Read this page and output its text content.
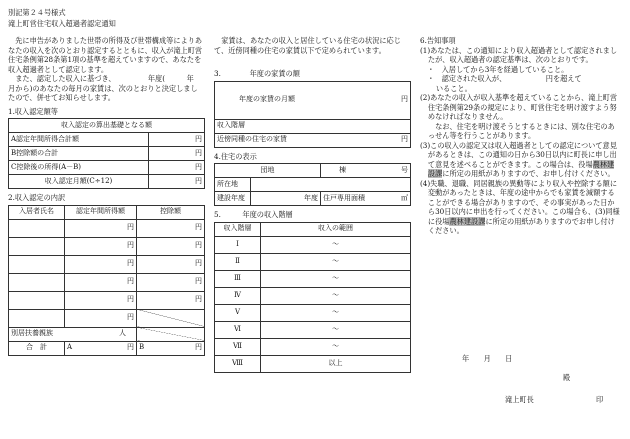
別記第２４号様式
滝上町営住宅収入超過者認定通知

先に申告がありました世帯の所得及び世帯構成等によりあなたの収入を次のとおり認定するとともに、収入が滝上町営住宅条例第28条第1項の基準を超えていますので、あなたを収入超過者として認定します。

また、認定した収入に基づき、　　　　　年度(　　　年　　　月から)のあなたの毎月の家賃は、次のとおりと決定しましたので、併せてお知らせします。

1.収入認定額等
収入認定の算出基礎となる額	
A認定年間所得合計額	円
B控除額の合計	円
C控除後の所得(A－B)	円
収入認定月額(C÷12)	円
2.収入認定の内訳
入居者氏名	認定年間所得額	控除額
	円	円
	円	円
	円	円
	円	円
	円	円
	円	
別居扶養親族 人		

合　計	A 円	B 円

家賃は、あなたの収入と居住している住宅の状況に応じて、近傍同種の住宅の家賃以下で定められています。

3.　　　　年度の家賃の額
年度の家賃の月額	円

収入階層
近傍同種の住宅の家賃	円
4.住宅の表示
団地		棟 号

所在地		
建設年度	年度	住戸専用面積 ㎡
5.　　　年度の収入階層
収入階層	収入の範囲
Ⅰ	～
Ⅱ	～
Ⅲ	～
Ⅳ	～
Ⅴ	～
Ⅵ	～
Ⅶ	～
Ⅷ	以上

6.告知事項

(1)あなたは、この通知により収入超過者として認定されましたが、収入超過者の認定基準は、次のとおりです。

・　入居してから3年を経過していること。

・　認定された収入が、　　　　　　円を超えて

いること。

(2)あなたの収入が収入基準を超えていることから、滝上町営住宅条例第29条の規定により、町営住宅を明け渡すよう努めなければなりません。

なお、住宅を明け渡そうとするときには、別な住宅のあっせん等を行うことがあります。

(3)この収入の認定又は収入超過者としての認定について意見があるときは、この通知の日から30日以内に町長に申し出て意見を述べることができます。この場合は、役場農林建設課に所定の用紙がありますので、お申し付けください。

(4)失職、退職、同居親族の異動等により収入や控除する額に変動があったときは、年度の途中からでも家賃を減額することができる場合がありますので、その事実があった日から30日以内に申出を行ってください。この場合も、(3)同様に役場農林建設課に所定の用紙がありますのでお申し付けください。

年　　月　　日
殿
滝上町長	印
